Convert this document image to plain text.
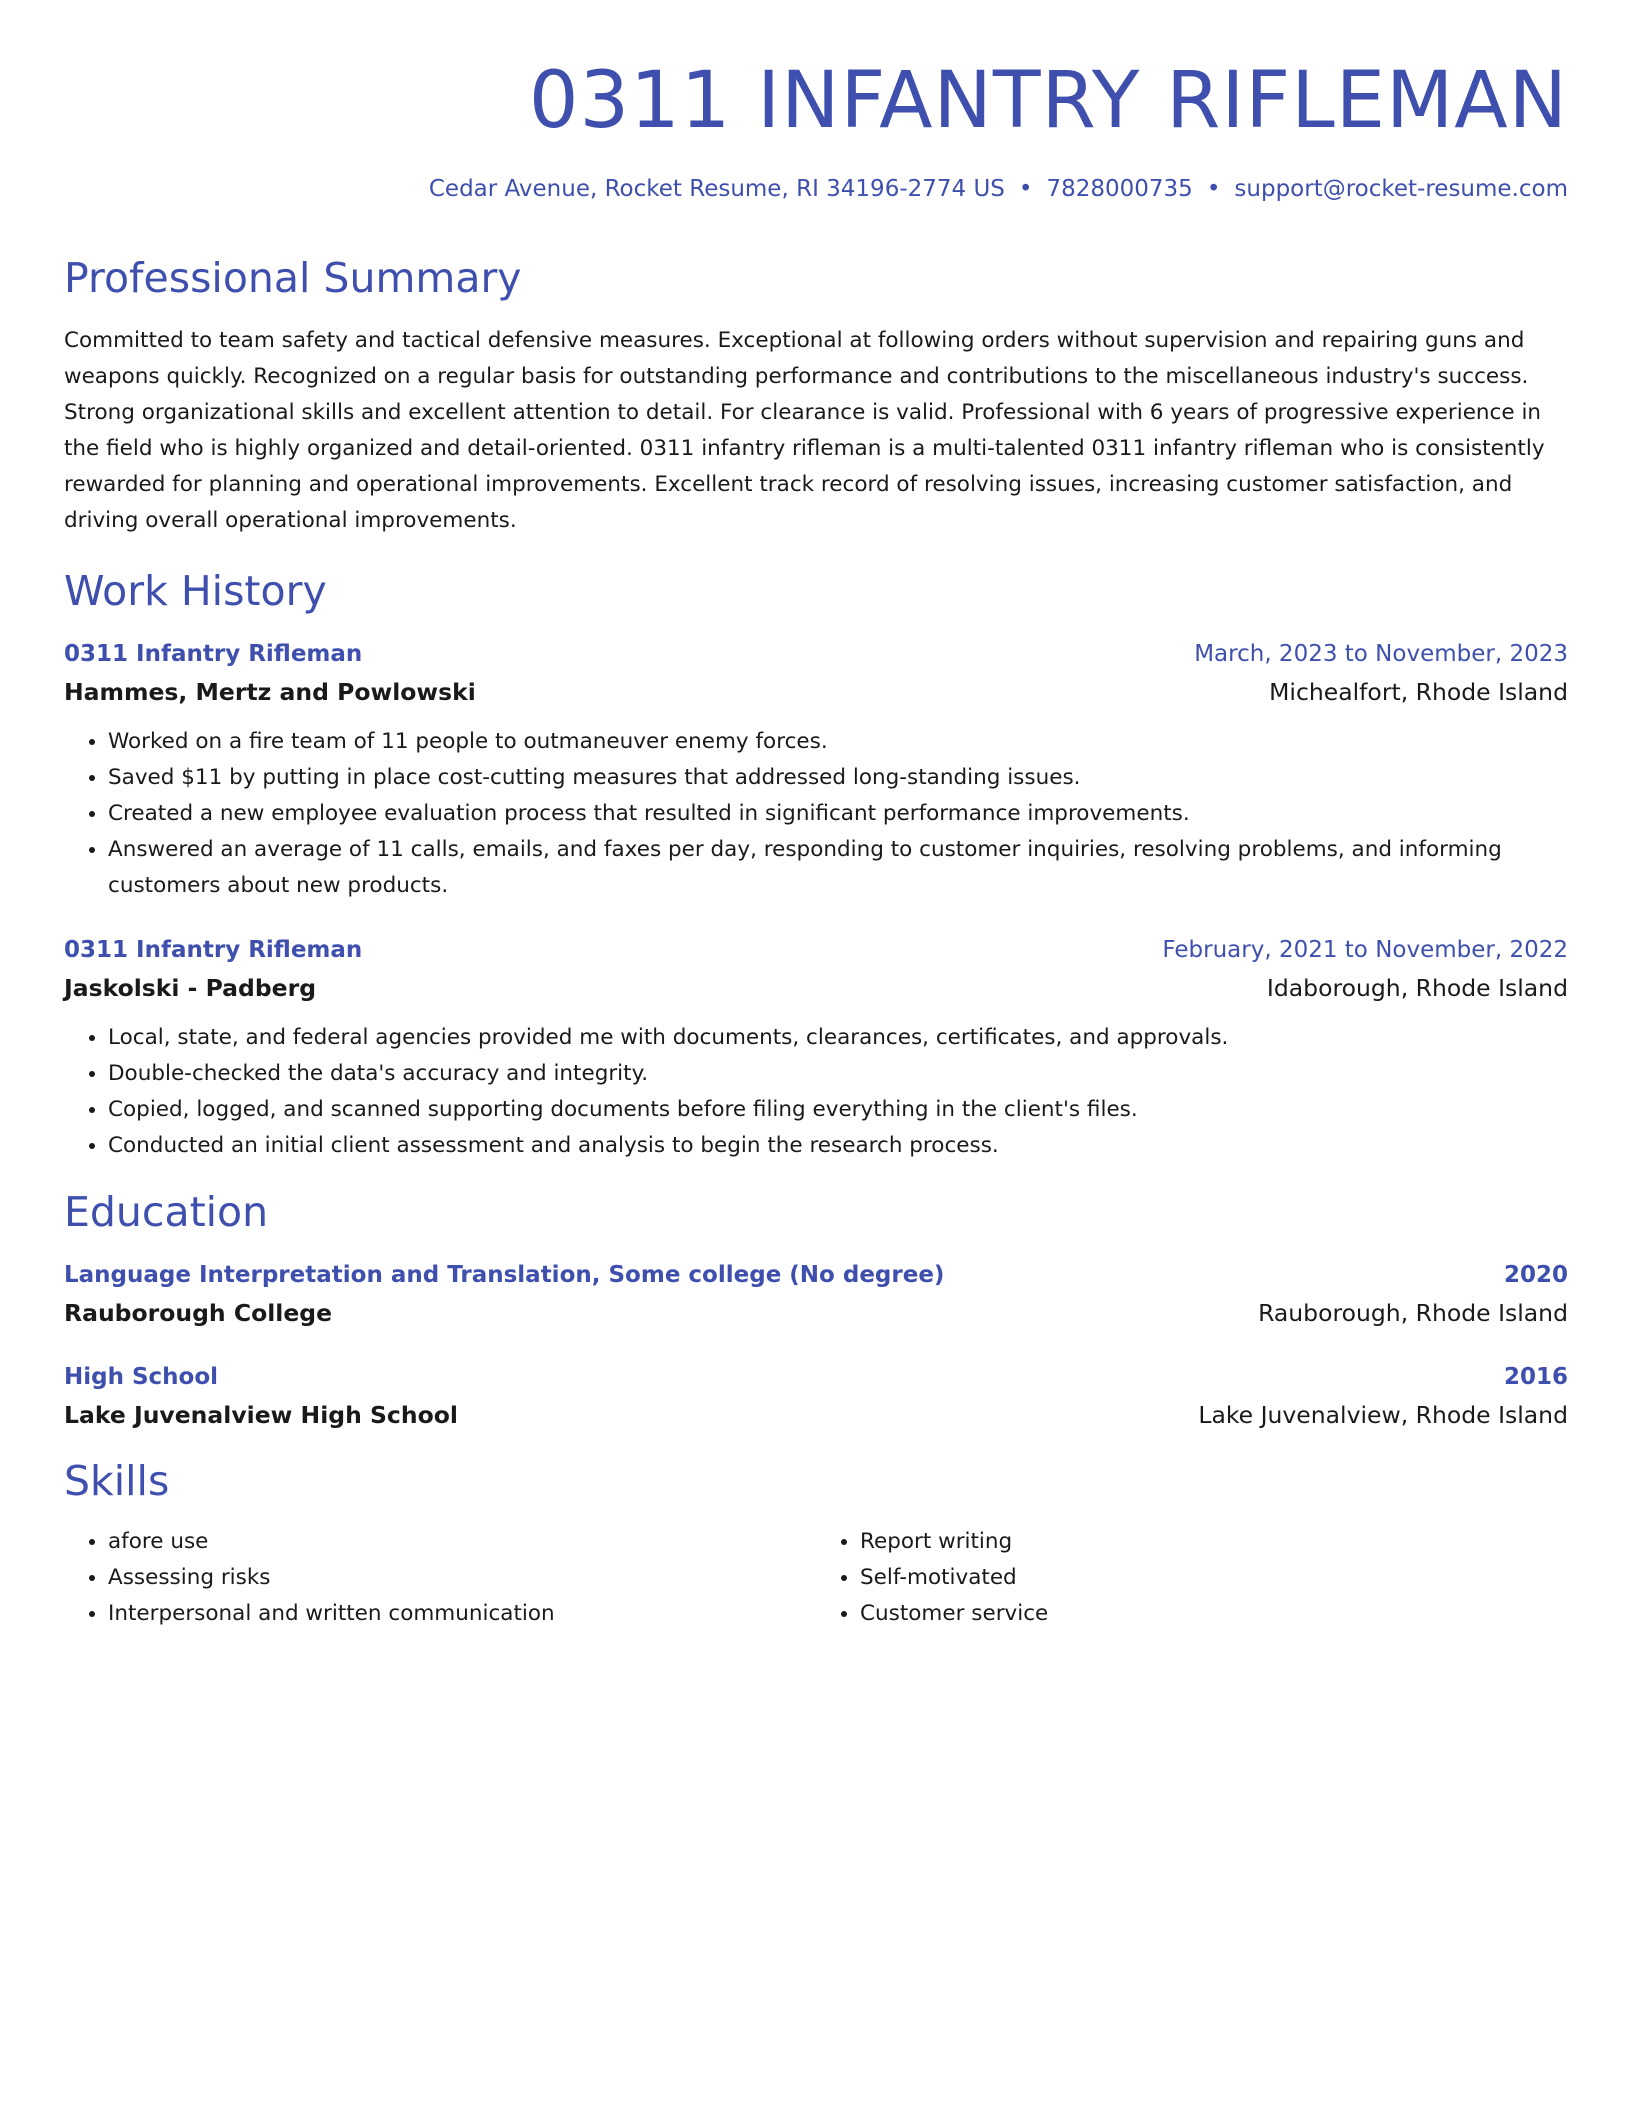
0311 INFANTRY RIFLEMAN
Cedar Avenue, Rocket Resume, RI 34196-2774 US • 7828000735 • support@rocket-resume.com
Professional Summary

Committed to team safety and tactical defensive measures. Exceptional at following orders without supervision and repairing guns and weapons quickly. Recognized on a regular basis for outstanding performance and contributions to the miscellaneous industry's success. Strong organizational skills and excellent attention to detail. For clearance is valid. Professional with 6 years of progressive experience in the field who is highly organized and detail-oriented. 0311 infantry rifleman is a multi-talented 0311 infantry rifleman who is consistently rewarded for planning and operational improvements. Excellent track record of resolving issues, increasing customer satisfaction, and driving overall operational improvements.

Work History
0311 Infantry Rifleman	March, 2023 to November, 2023
Hammes, Mertz and Powlowski	Michealfort, Rhode Island
• Worked on a fire team of 11 people to outmaneuver enemy forces.
• Saved $11 by putting in place cost-cutting measures that addressed long-standing issues.
• Created a new employee evaluation process that resulted in significant performance improvements.
• Answered an average of 11 calls, emails, and faxes per day, responding to customer inquiries, resolving problems, and informing customers about new products.
0311 Infantry Rifleman	February, 2021 to November, 2022
Jaskolski - Padberg	Idaborough, Rhode Island
• Local, state, and federal agencies provided me with documents, clearances, certificates, and approvals.
• Double-checked the data's accuracy and integrity.
• Copied, logged, and scanned supporting documents before filing everything in the client's files.
• Conducted an initial client assessment and analysis to begin the research process.
Education
Language Interpretation and Translation, Some college (No degree)	2020
Rauborough College	Rauborough, Rhode Island
High School	2016
Lake Juvenalview High School	Lake Juvenalview, Rhode Island
Skills
• afore use
• Assessing risks
• Interpersonal and written communication
• Report writing
• Self-motivated
• Customer service
